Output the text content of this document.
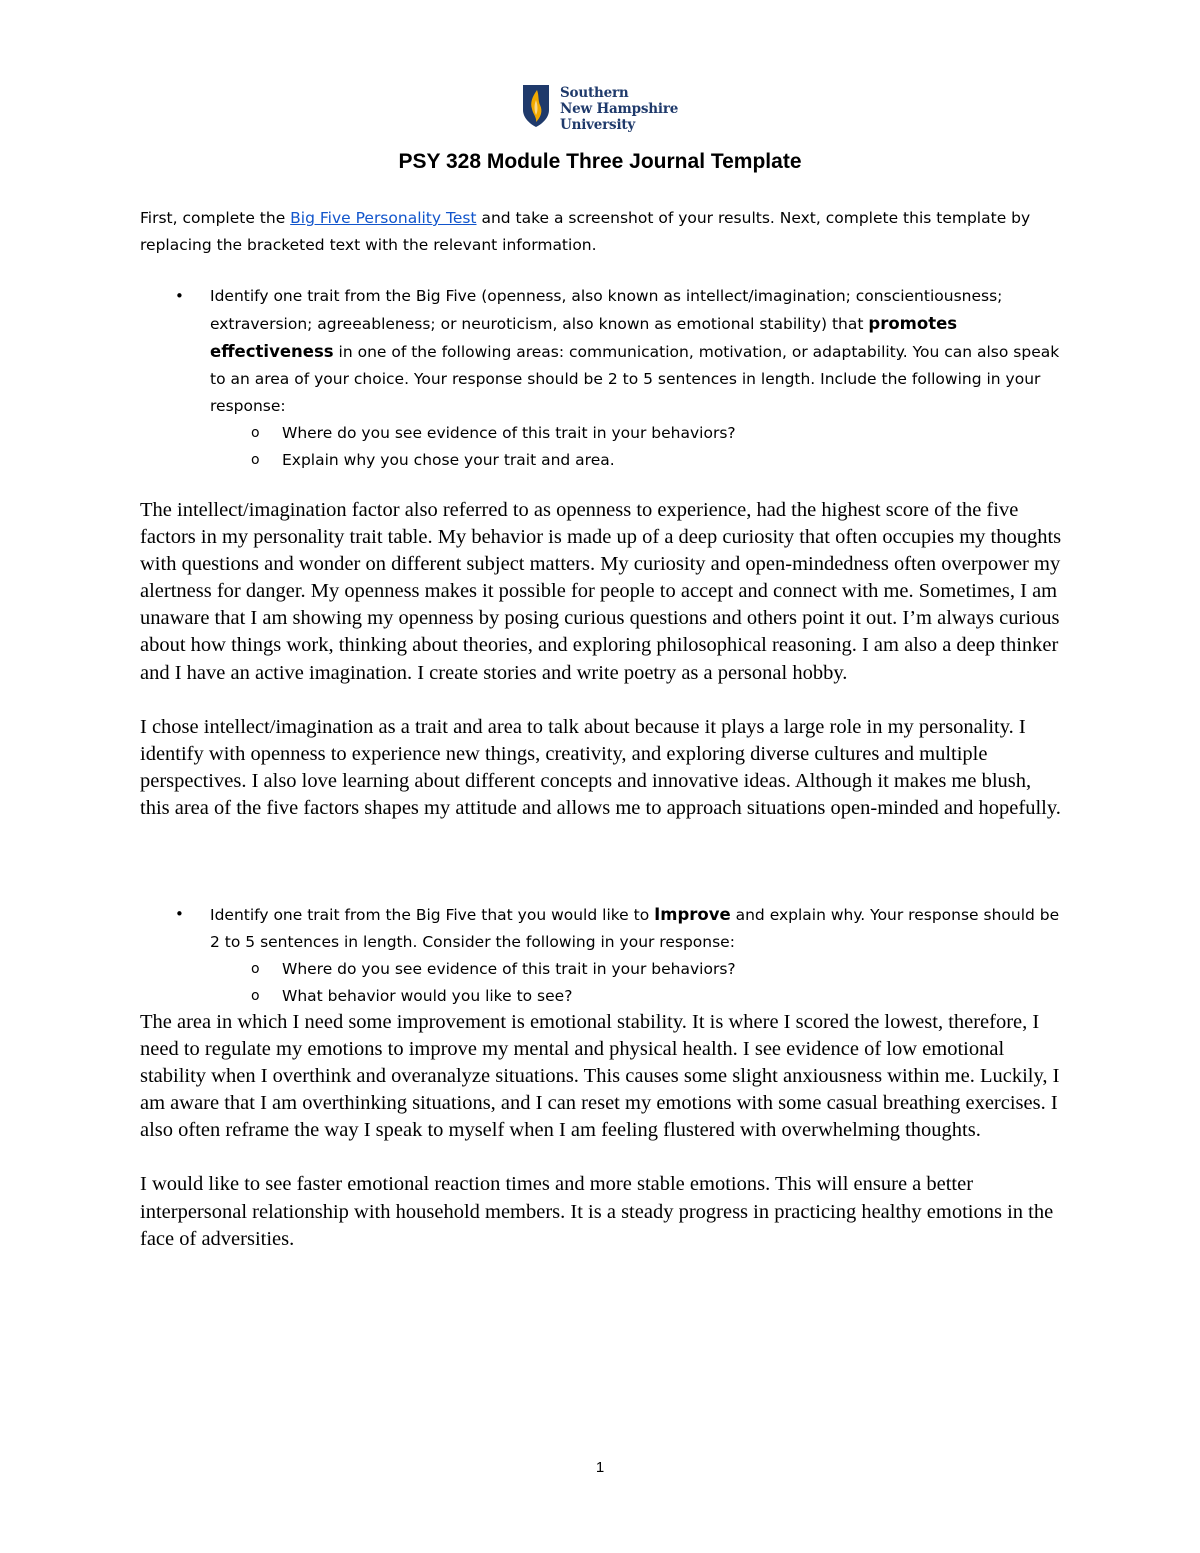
Southern
New Hampshire
University
PSY 328 Module Three Journal Template
First, complete the Big Five Personality Test and take a screenshot of your results. Next, complete this template by replacing the bracketed text with the relevant information.
• Identify one trait from the Big Five (openness, also known as intellect/imagination; conscientiousness; extraversion; agreeableness; or neuroticism, also known as emotional stability) that promotes effectiveness in one of the following areas: communication, motivation, or adaptability. You can also speak to an area of your choice. Your response should be 2 to 5 sentences in length. Include the following in your response:
o Where do you see evidence of this trait in your behaviors?
o Explain why you chose your trait and area.

The intellect/imagination factor also referred to as openness to experience, had the highest score of the five factors in my personality trait table. My behavior is made up of a deep curiosity that often occupies my thoughts with questions and wonder on different subject matters. My curiosity and open-mindedness often overpower my alertness for danger. My openness makes it possible for people to accept and connect with me. Sometimes, I am unaware that I am showing my openness by posing curious questions and others point it out. I’m always curious about how things work, thinking about theories, and exploring philosophical reasoning. I am also a deep thinker and I have an active imagination. I create stories and write poetry as a personal hobby.

I chose intellect/imagination as a trait and area to talk about because it plays a large role in my personality. I identify with openness to experience new things, creativity, and exploring diverse cultures and multiple perspectives. I also love learning about different concepts and innovative ideas. Although it makes me blush, this area of the five factors shapes my attitude and allows me to approach situations open-minded and hopefully.

• Identify one trait from the Big Five that you would like to Improve and explain why. Your response should be 2 to 5 sentences in length. Consider the following in your response:
o Where do you see evidence of this trait in your behaviors?
o What behavior would you like to see?

The area in which I need some improvement is emotional stability. It is where I scored the lowest, therefore, I need to regulate my emotions to improve my mental and physical health. I see evidence of low emotional stability when I overthink and overanalyze situations. This causes some slight anxiousness within me. Luckily, I am aware that I am overthinking situations, and I can reset my emotions with some casual breathing exercises. I also often reframe the way I speak to myself when I am feeling flustered with overwhelming thoughts.

I would like to see faster emotional reaction times and more stable emotions. This will ensure a better interpersonal relationship with household members. It is a steady progress in practicing healthy emotions in the face of adversities.

1
